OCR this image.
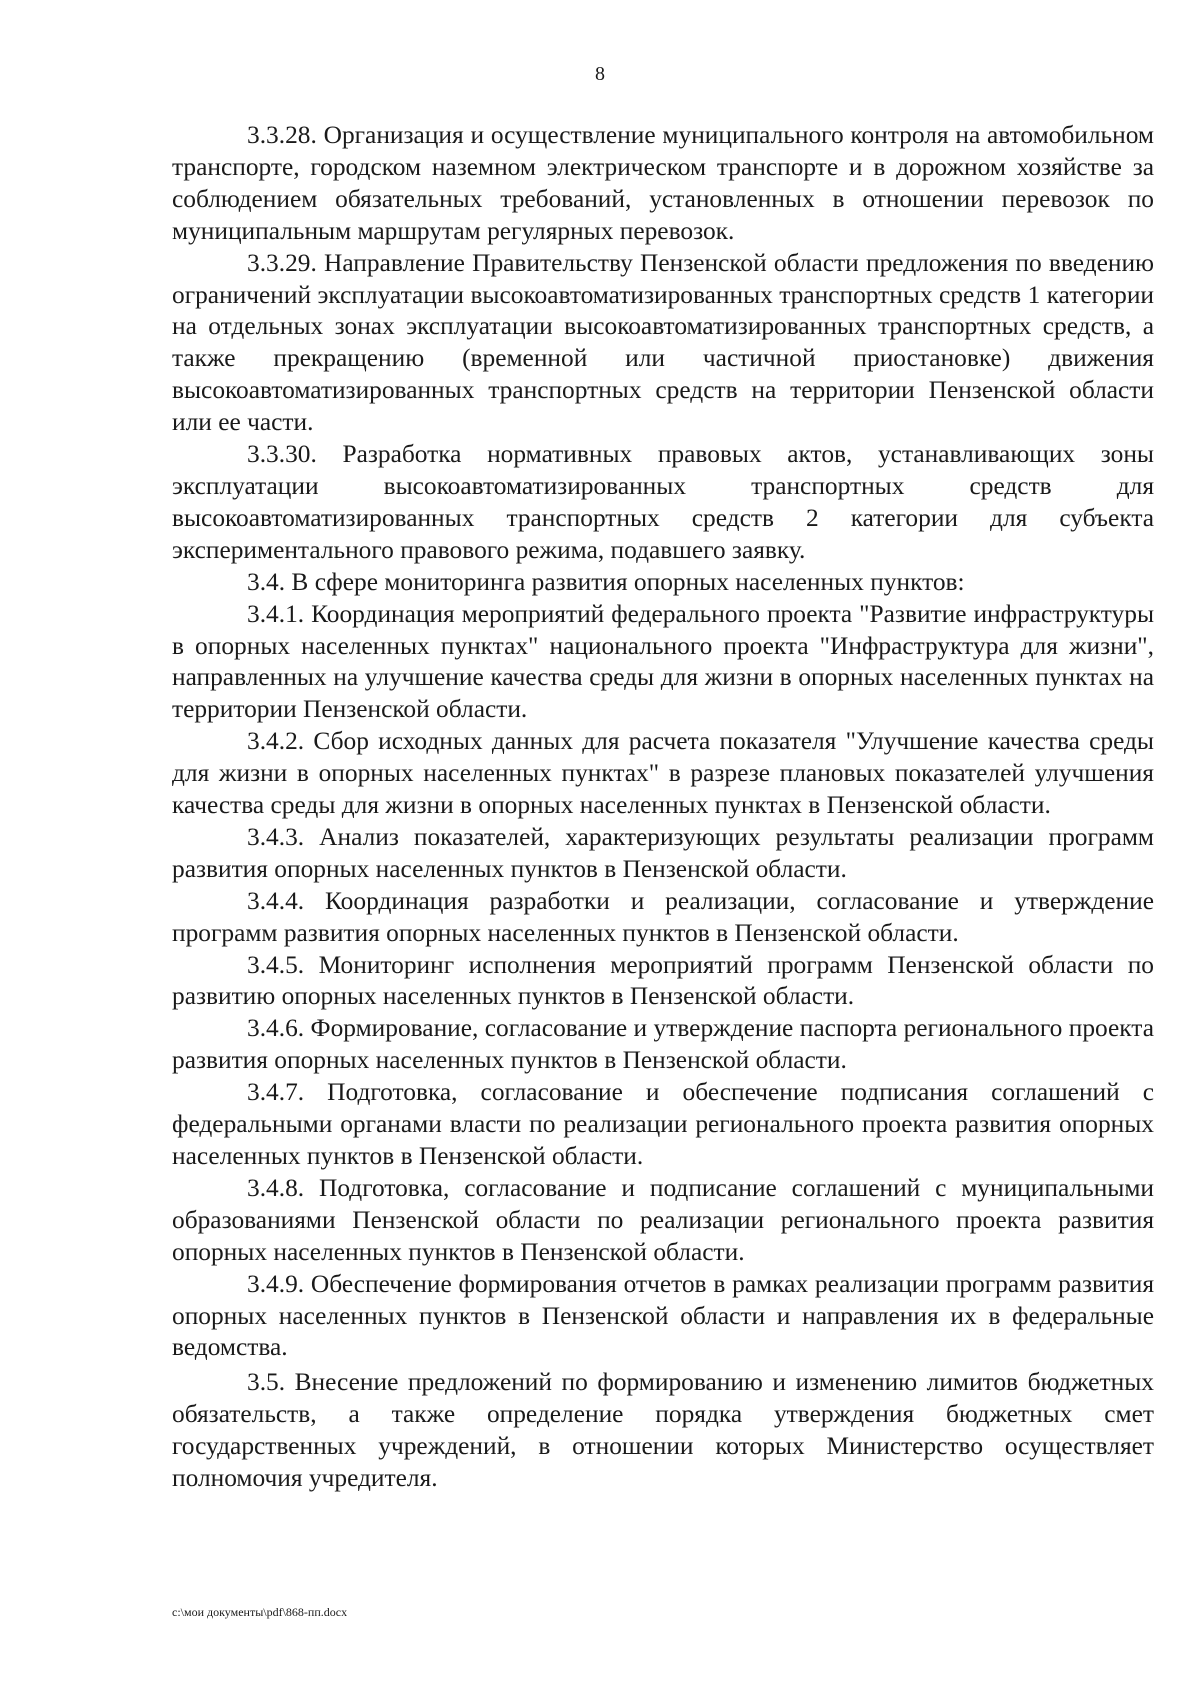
8

3.3.28. Организация и осуществление муниципального контроля на автомобильном транспорте, городском наземном электрическом транспорте и в дорожном хозяйстве за соблюдением обязательных требований, установленных в отношении перевозок по муниципальным маршрутам регулярных перевозок.

3.3.29. Направление Правительству Пензенской области предложения по введению ограничений эксплуатации высокоавтоматизированных транспортных средств 1 категории на отдельных зонах эксплуатации высокоавтоматизированных транспортных средств, а также прекращению (временной или частичной приостановке) движения высокоавтоматизированных транспортных средств на территории Пензенской области или ее части.

3.3.30. Разработка нормативных правовых актов, устанавливающих зоны эксплуатации высокоавтоматизированных транспортных средств для высокоавтоматизированных транспортных средств 2 категории для субъекта экспериментального правового режима, подавшего заявку.

3.4. В сфере мониторинга развития опорных населенных пунктов:

3.4.1. Координация мероприятий федерального проекта "Развитие инфраструктуры в опорных населенных пунктах" национального проекта "Инфраструктура для жизни", направленных на улучшение качества среды для жизни в опорных населенных пунктах на территории Пензенской области.

3.4.2. Сбор исходных данных для расчета показателя "Улучшение качества среды для жизни в опорных населенных пунктах" в разрезе плановых показателей улучшения качества среды для жизни в опорных населенных пунктах в Пензенской области.

3.4.3. Анализ показателей, характеризующих результаты реализации программ развития опорных населенных пунктов в Пензенской области.

3.4.4. Координация разработки и реализации, согласование и утверждение программ развития опорных населенных пунктов в Пензенской области.

3.4.5. Мониторинг исполнения мероприятий программ Пензенской области по развитию опорных населенных пунктов в Пензенской области.

3.4.6. Формирование, согласование и утверждение паспорта регионального проекта развития опорных населенных пунктов в Пензенской области.

3.4.7. Подготовка, согласование и обеспечение подписания соглашений с федеральными органами власти по реализации регионального проекта развития опорных населенных пунктов в Пензенской области.

3.4.8. Подготовка, согласование и подписание соглашений с муниципальными образованиями Пензенской области по реализации регионального проекта развития опорных населенных пунктов в Пензенской области.

3.4.9. Обеспечение формирования отчетов в рамках реализации программ развития опорных населенных пунктов в Пензенской области и направления их в федеральные ведомства.

3.5. Внесение предложений по формированию и изменению лимитов бюджетных обязательств, а также определение порядка утверждения бюджетных смет государственных учреждений, в отношении которых Министерство осуществляет полномочия учредителя.

c:\мои документы\pdf\868-пп.docx
